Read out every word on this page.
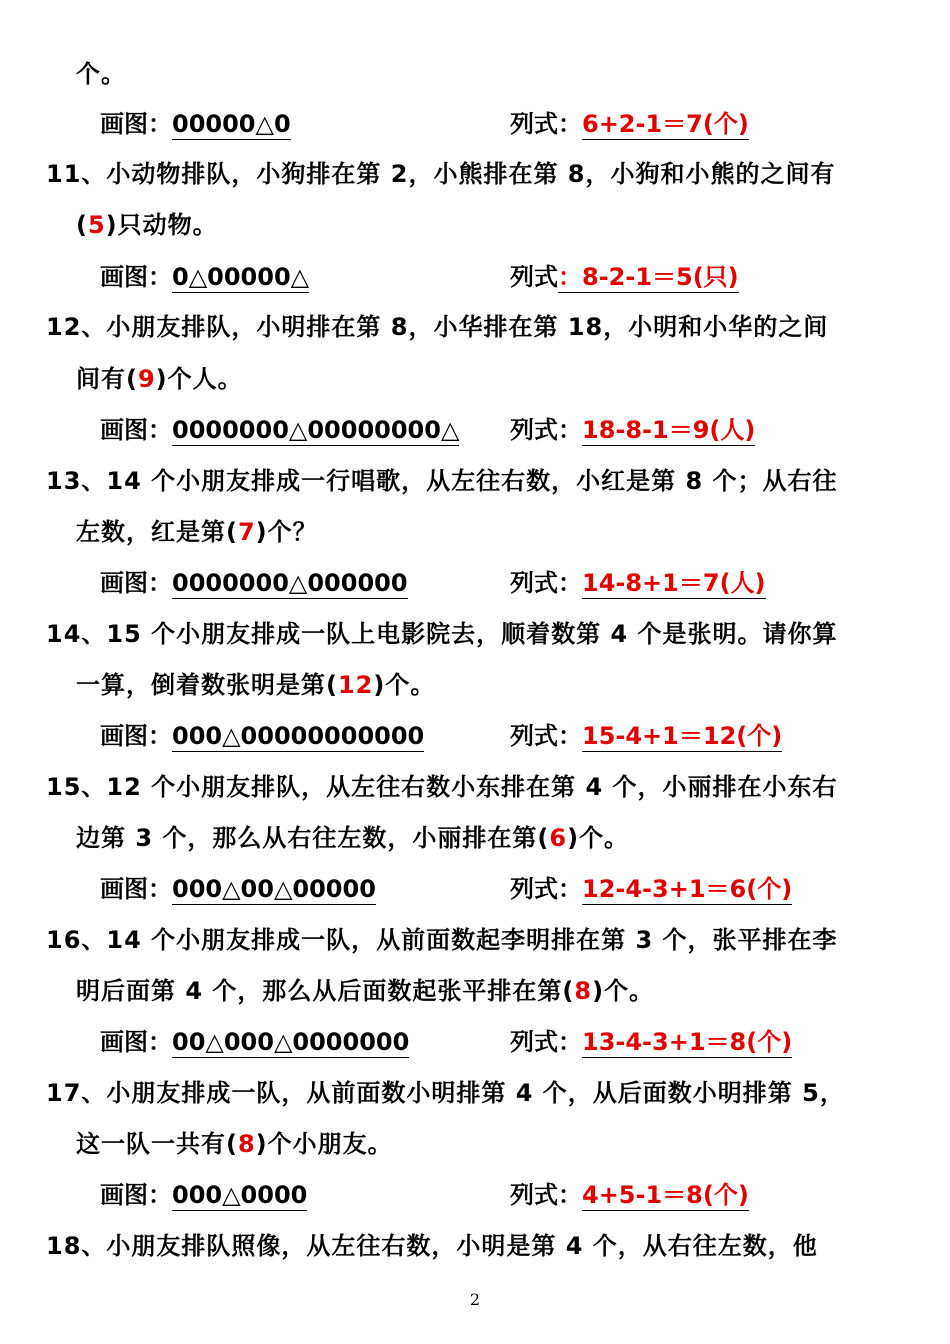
个。
画图：00000△0	列式：6+2-1＝7(个)
11、小动物排队，小狗排在第 2，小熊排在第 8，小狗和小熊的之间有
(5)只动物。
画图：0△00000△	列式：8-2-1＝5(只)
12、小朋友排队，小明排在第 8，小华排在第 18，小明和小华的之间
间有(9)个人。
画图：0000000△00000000△ 列式：18-8-1＝9(人)
13、14 个小朋友排成一行唱歌，从左往右数，小红是第 8 个；从右往
左数，红是第(7)个？
画图：0000000△000000	列式：14-8+1＝7(人)
14、15 个小朋友排成一队上电影院去，顺着数第 4 个是张明。请你算
一算，倒着数张明是第(12)个。
画图：000△00000000000	列式：15-4+1＝12(个)
15、12 个小朋友排队，从左往右数小东排在第 4 个，小丽排在小东右
边第 3 个，那么从右往左数，小丽排在第(6)个。
画图：000△00△00000	列式：12-4-3+1＝6(个)
16、14 个小朋友排成一队，从前面数起李明排在第 3 个，张平排在李
明后面第 4 个，那么从后面数起张平排在第(8)个。
画图：00△000△0000000	列式：13-4-3+1＝8(个)
17、小朋友排成一队，从前面数小明排第 4 个，从后面数小明排第 5，
这一队一共有(8)个小朋友。
画图：000△0000	列式：4+5-1＝8(个)
18、小朋友排队照像，从左往右数，小明是第 4 个，从右往左数，他
2
